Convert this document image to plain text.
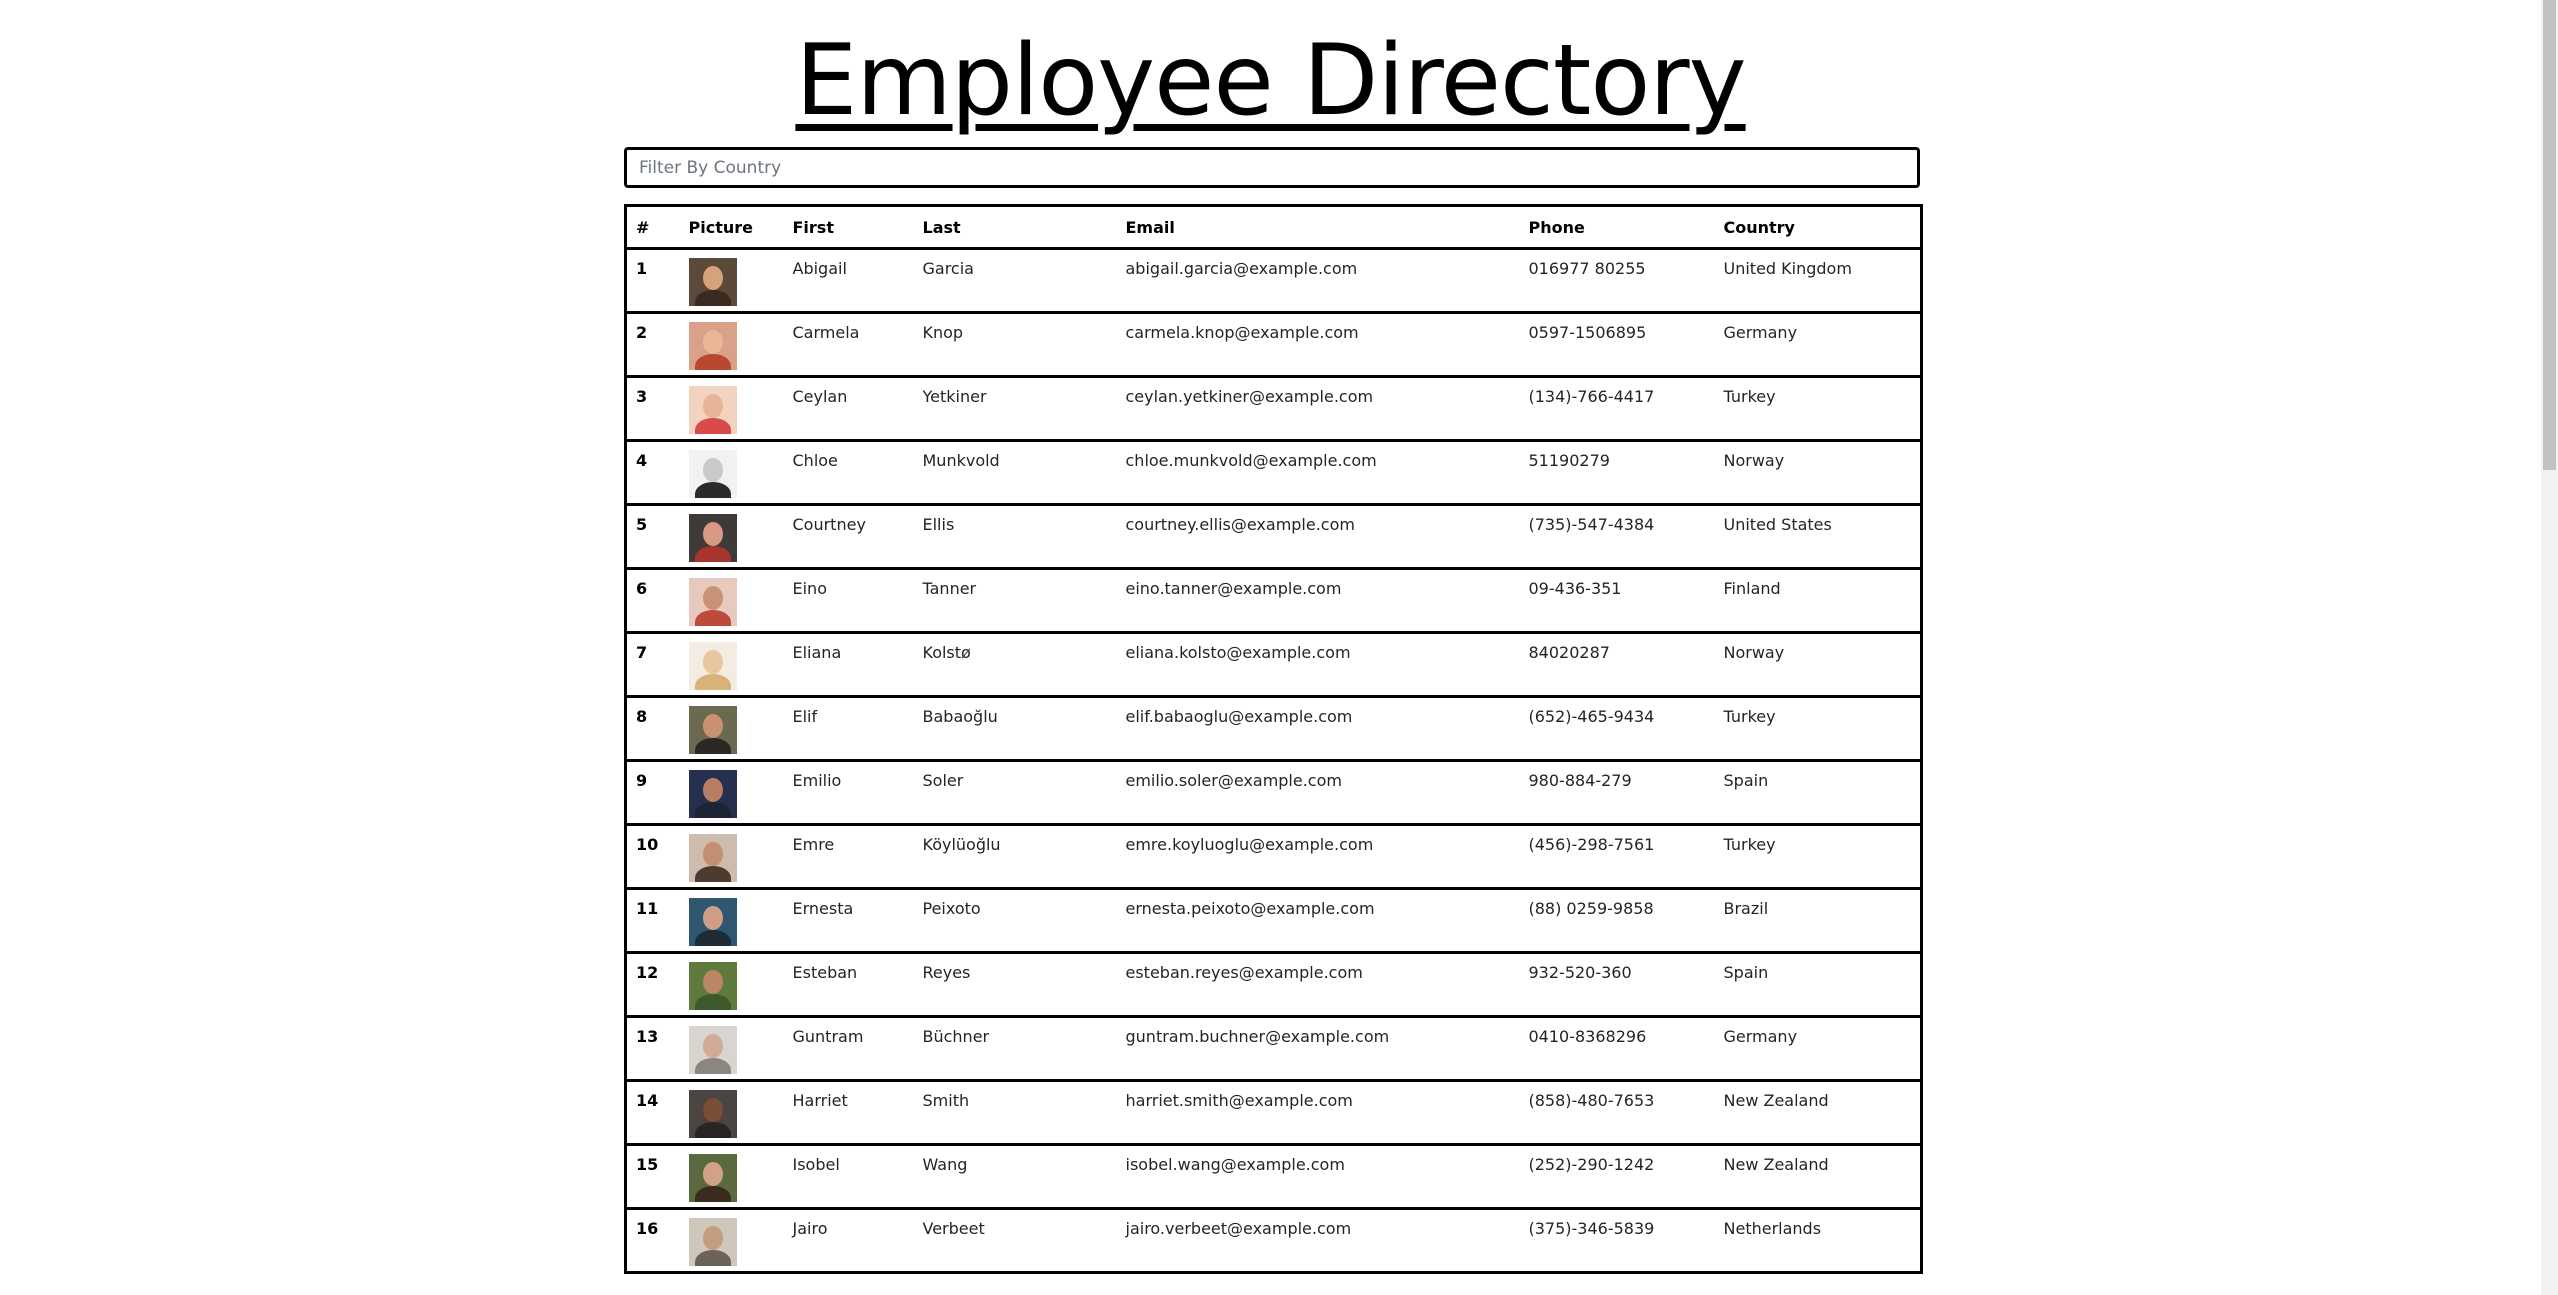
Employee Directory
Filter By Country
#	Picture	First	Last	Email	Phone	Country

1		Abigail	Garcia	abigail.garcia@example.com	016977 80255	United Kingdom

2		Carmela	Knop	carmela.knop@example.com	0597-1506895	Germany

3		Ceylan	Yetkiner	ceylan.yetkiner@example.com	(134)-766-4417	Turkey

4		Chloe	Munkvold	chloe.munkvold@example.com	51190279	Norway

5		Courtney	Ellis	courtney.ellis@example.com	(735)-547-4384	United States

6		Eino	Tanner	eino.tanner@example.com	09-436-351	Finland

7		Eliana	Kolstø	eliana.kolsto@example.com	84020287	Norway

8		Elif	Babaoğlu	elif.babaoglu@example.com	(652)-465-9434	Turkey

9		Emilio	Soler	emilio.soler@example.com	980-884-279	Spain

10		Emre	Köylüoğlu	emre.koyluoglu@example.com	(456)-298-7561	Turkey

11		Ernesta	Peixoto	ernesta.peixoto@example.com	(88) 0259-9858	Brazil

12		Esteban	Reyes	esteban.reyes@example.com	932-520-360	Spain

13		Guntram	Büchner	guntram.buchner@example.com	0410-8368296	Germany

14		Harriet	Smith	harriet.smith@example.com	(858)-480-7653	New Zealand

15		Isobel	Wang	isobel.wang@example.com	(252)-290-1242	New Zealand

16		Jairo	Verbeet	jairo.verbeet@example.com	(375)-346-5839	Netherlands
